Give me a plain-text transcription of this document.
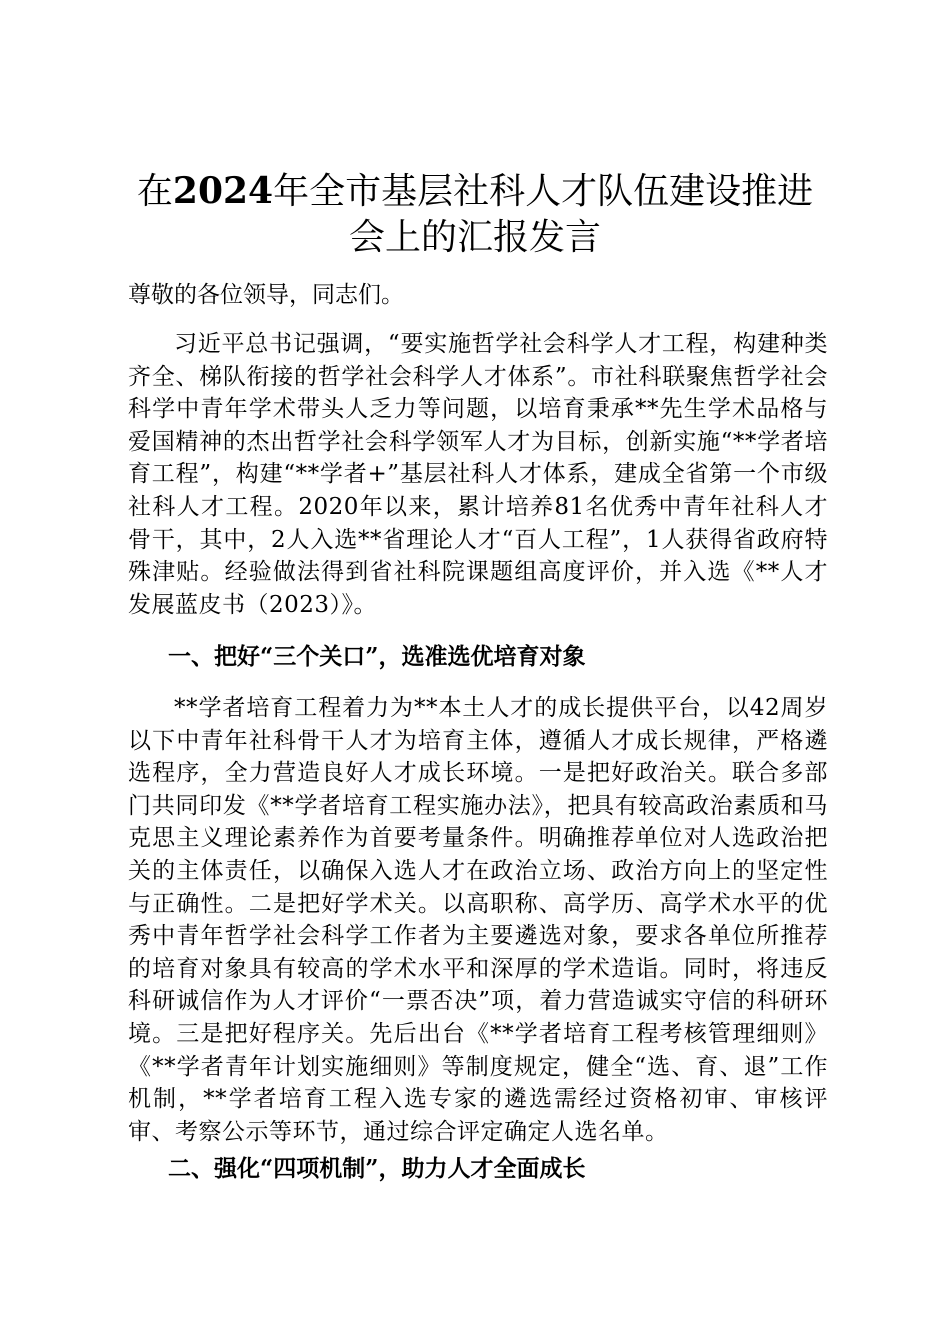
在2024年全市基层社科人才队伍建设推进会上的汇报发言

尊敬的各位领导，同志们。

习近平总书记强调，“要实施哲学社会科学人才工程，构建种类齐全、梯队衔接的哲学社会科学人才体系”。市社科联聚焦哲学社会科学中青年学术带头人乏力等问题，以培育秉承**先生学术品格与爱国精神的杰出哲学社会科学领军人才为目标，创新实施“**学者培育工程”，构建“**学者+”基层社科人才体系，建成全省第一个市级社科人才工程。2020年以来，累计培养81名优秀中青年社科人才骨干，其中，2人入选**省理论人才“百人工程”，1人获得省政府特殊津贴。经验做法得到省社科院课题组高度评价，并入选《**人才发展蓝皮书（2023）》。

一、把好“三个关口”，选准选优培育对象

**学者培育工程着力为**本土人才的成长提供平台，以42周岁以下中青年社科骨干人才为培育主体，遵循人才成长规律，严格遴选程序，全力营造良好人才成长环境。一是把好政治关。联合多部门共同印发《**学者培育工程实施办法》，把具有较高政治素质和马克思主义理论素养作为首要考量条件。明确推荐单位对人选政治把关的主体责任，以确保入选人才在政治立场、政治方向上的坚定性与正确性。二是把好学术关。以高职称、高学历、高学术水平的优秀中青年哲学社会科学工作者为主要遴选对象，要求各单位所推荐的培育对象具有较高的学术水平和深厚的学术造诣。同时，将违反科研诚信作为人才评价“一票否决”项，着力营造诚实守信的科研环境。三是把好程序关。先后出台《**学者培育工程考核管理细则》《**学者青年计划实施细则》等制度规定，健全“选、育、退”工作机制，**学者培育工程入选专家的遴选需经过资格初审、审核评审、考察公示等环节，通过综合评定确定人选名单。

二、强化“四项机制”，助力人才全面成长
